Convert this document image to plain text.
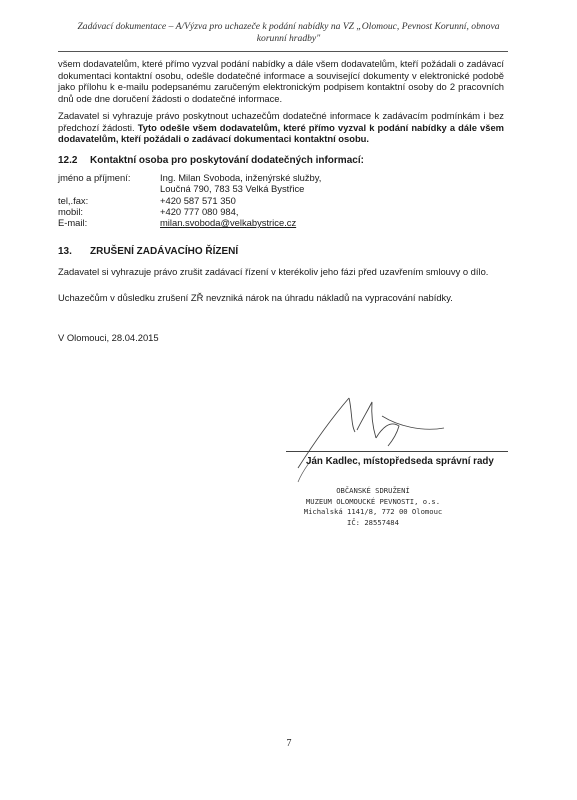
Zadávací dokumentace – A/Výzva pro uchazeče k podání nabídky na VZ „Olomouc, Pevnost Korunní, obnova
korunní hradby"
všem dodavatelům, které přímo vyzval podání nabídky a dále všem dodavatelům, kteří požádali o zadávací dokumentaci kontaktní osobu, odešle dodatečné informace a související dokumenty v elektronické podobě jako přílohu k e-mailu podepsanému zaručeným elektronickým podpisem kontaktní osoby do 2 pracovních dnů ode dne doručení žádosti o dodatečné informace.
Zadavatel si vyhrazuje právo poskytnout uchazečům dodatečné informace k zadávacím podmínkám i bez předchozí žádosti. Tyto odešle všem dodavatelům, které přímo vyzval k podání nabídky a dále všem dodavatelům, kteří požádali o zadávací dokumentaci kontaktní osobu.
12.2 Kontaktní osoba pro poskytování dodatečných informací:
jméno a příjmení:	Ing. Milan Svoboda, inženýrské služby,
Loučná 790, 783 53 Velká Bystřice
tel,.fax:	+420 587 571 350
mobil:	+420 777 080 984,
E-mail:	milan.svoboda@velkabystrice.cz
13. ZRUŠENÍ ZADÁVACÍHO ŘÍZENÍ
Zadavatel si vyhrazuje právo zrušit zadávací řízení v kterékoliv jeho fázi před uzavřením smlouvy o dílo.
Uchazečům v důsledku zrušení ZŘ nevzniká nárok na úhradu nákladů na vypracování nabídky.
V Olomouci, 28.04.2015
Ján Kadlec, místopředseda správní rady
OBČANSKÉ SDRUŽENÍ
MUZEUM OLOMOUCKÉ PEVNOSTI, o.s.
Michalská 1141/8, 772 00 Olomouc
IČ: 28557484
7
